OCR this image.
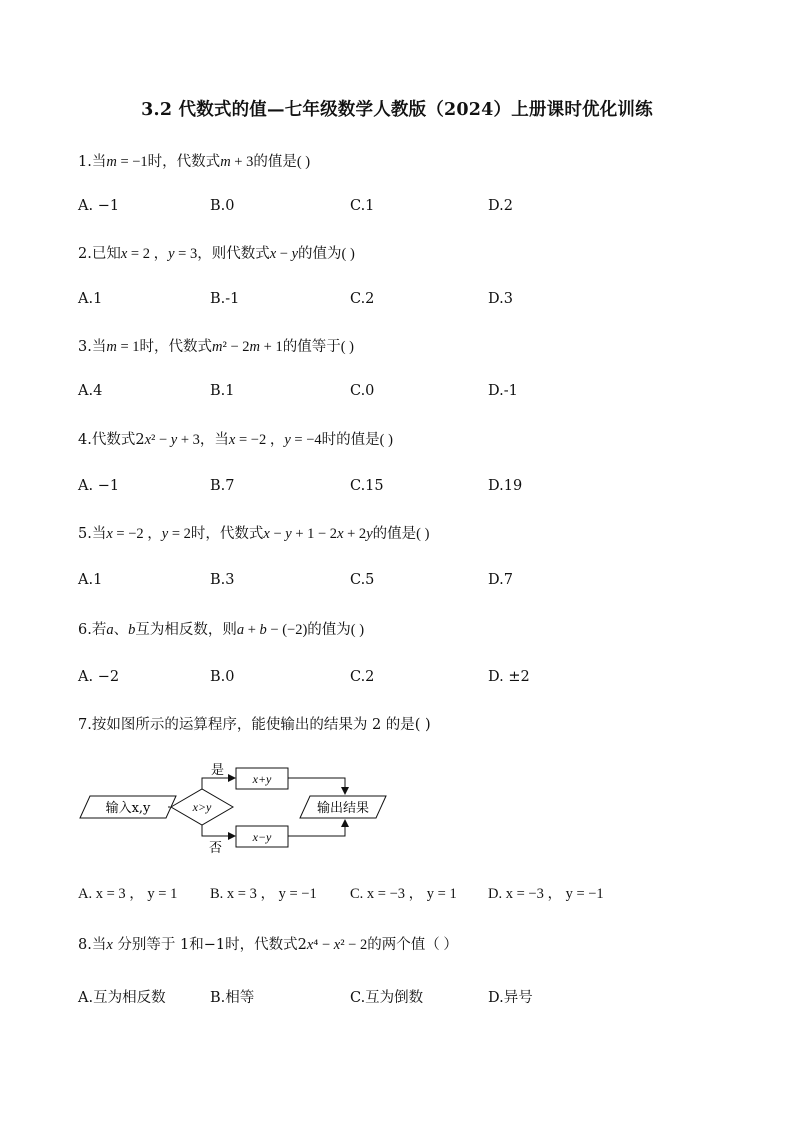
3.2 代数式的值—七年级数学人教版（2024）上册课时优化训练
1.当m = −1时，代数式m + 3的值是( )
A. −1	B.0	C.1	D.2
2.已知x = 2 ，y = 3，则代数式x − y的值为( )
A.1	B.-1	C.2	D.3
3.当m = 1时，代数式m² − 2m + 1的值等于( )
A.4	B.1	C.0	D.-1
4.代数式2x² − y + 3，当x = −2 ，y = −4时的值是( )
A. −1	B.7	C.15	D.19
5.当x = −2 ，y = 2时，代数式x − y + 1 − 2x + 2y的值是( )
A.1	B.3	C.5	D.7
6.若a、b互为相反数，则a + b − (−2)的值为( )
A. −2	B.0	C.2	D. ±2
7.按如图所示的运算程序，能使输出的结果为 2 的是( )
输入x,y	x>y
是
x+y
否
x−y
输出结果
A. x = 3 ， y = 1 B. x = 3 ， y = −1 C. x = −3 ， y = 1 D. x = −3 ， y = −1
8.当x 分别等于 1和−1时，代数式2x⁴ − x² − 2的两个值（ ）
A.互为相反数	B.相等	C.互为倒数	D.异号
